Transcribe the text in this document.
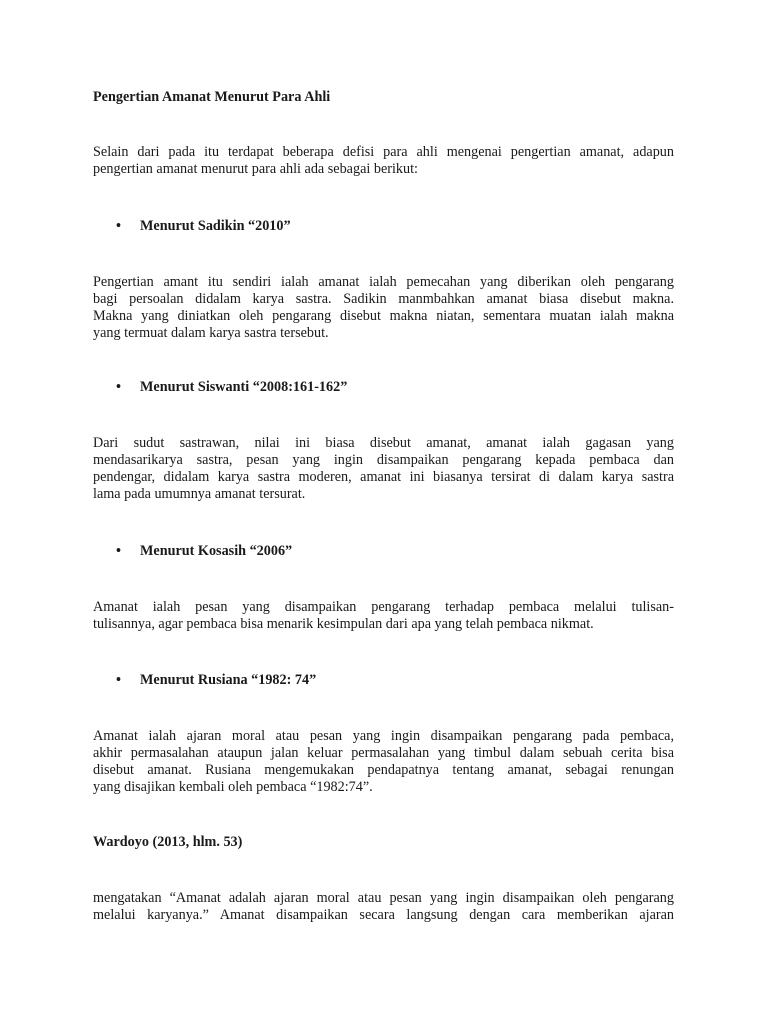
Pengertian Amanat Menurut Para Ahli
Selain dari pada itu terdapat beberapa defisi para ahli mengenai pengertian amanat, adapun
pengertian amanat menurut para ahli ada sebagai berikut:
• Menurut Sadikin “2010”
Pengertian amant itu sendiri ialah amanat ialah pemecahan yang diberikan oleh pengarang
bagi persoalan didalam karya sastra. Sadikin manmbahkan amanat biasa disebut makna.
Makna yang diniatkan oleh pengarang disebut makna niatan, sementara muatan ialah makna
yang termuat dalam karya sastra tersebut.
• Menurut Siswanti “2008:161-162”
Dari sudut sastrawan, nilai ini biasa disebut amanat, amanat ialah gagasan yang
mendasarikarya sastra, pesan yang ingin disampaikan pengarang kepada pembaca dan
pendengar, didalam karya sastra moderen, amanat ini biasanya tersirat di dalam karya sastra
lama pada umumnya amanat tersurat.
• Menurut Kosasih “2006”
Amanat ialah pesan yang disampaikan pengarang terhadap pembaca melalui tulisan-
tulisannya, agar pembaca bisa menarik kesimpulan dari apa yang telah pembaca nikmat.
• Menurut Rusiana “1982: 74”
Amanat ialah ajaran moral atau pesan yang ingin disampaikan pengarang pada pembaca,
akhir permasalahan ataupun jalan keluar permasalahan yang timbul dalam sebuah cerita bisa
disebut amanat. Rusiana mengemukakan pendapatnya tentang amanat, sebagai renungan
yang disajikan kembali oleh pembaca “1982:74”.
Wardoyo (2013, hlm. 53)
mengatakan “Amanat adalah ajaran moral atau pesan yang ingin disampaikan oleh pengarang
melalui karyanya.” Amanat disampaikan secara langsung dengan cara memberikan ajaran
